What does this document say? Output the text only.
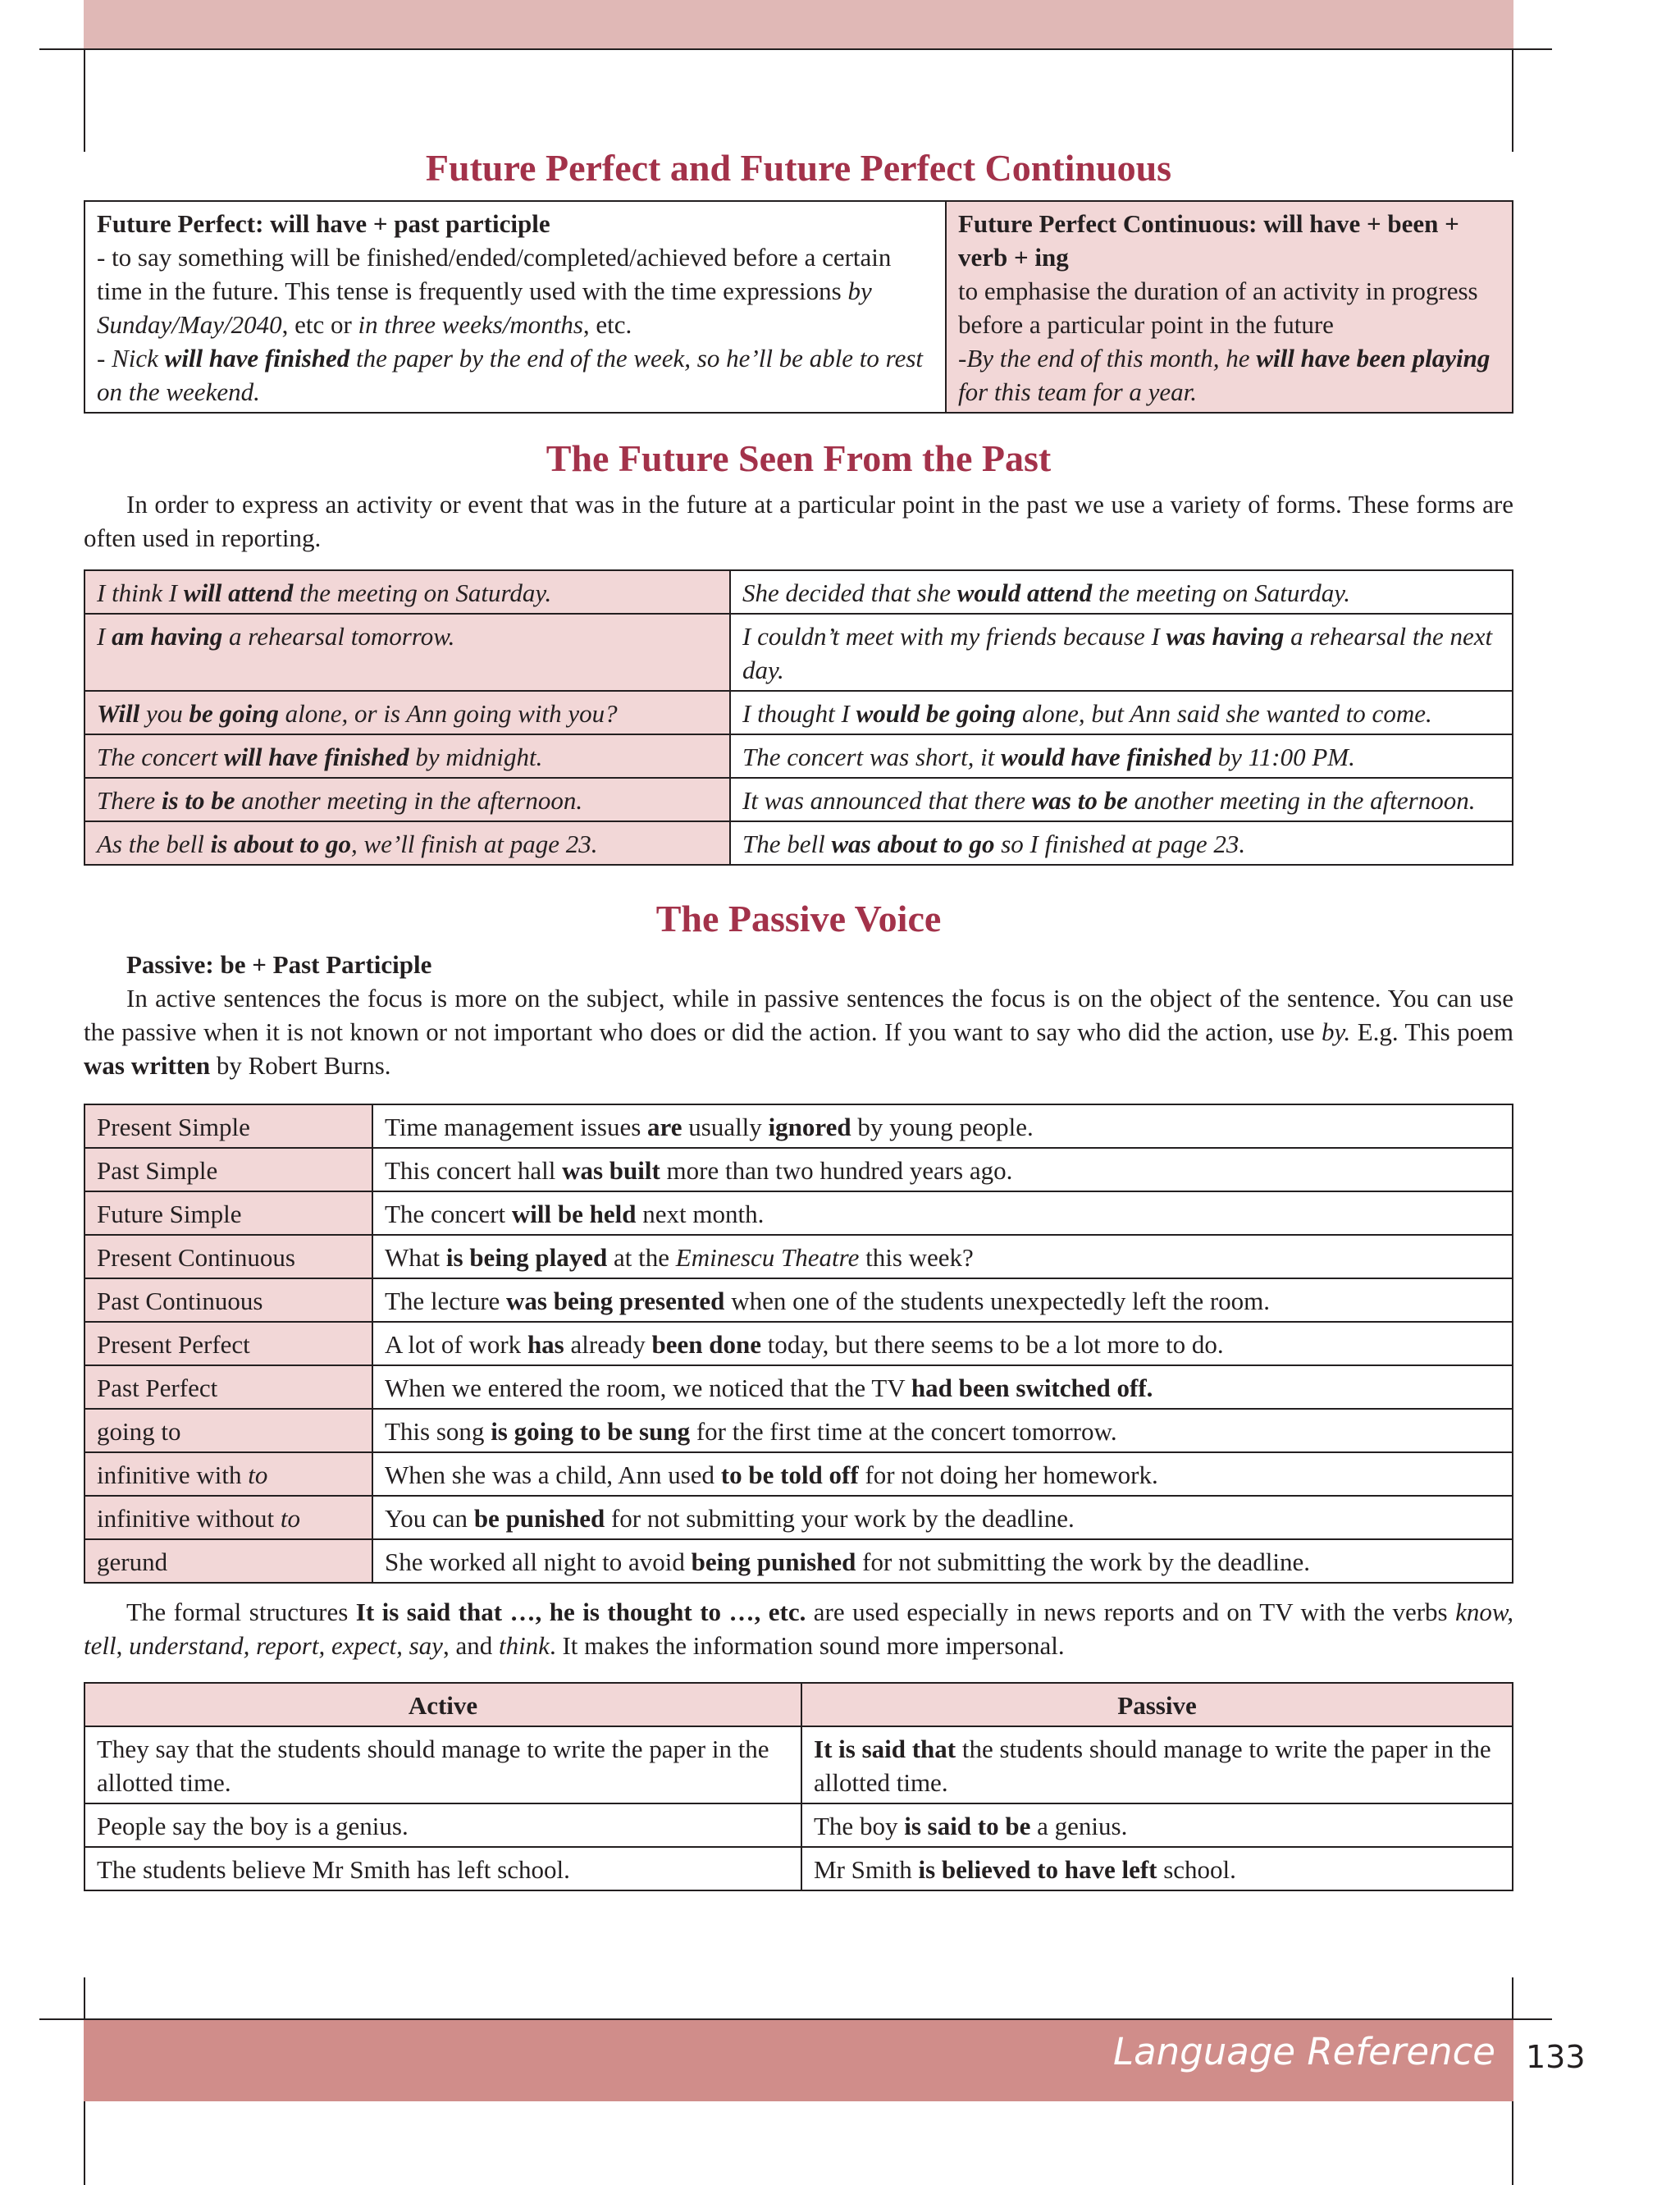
Future Perfect and Future Perfect Continuous
Future Perfect: will have + past participle
- to say something will be finished/ended/completed/achieved before a certain time in the future. This tense is frequently used with the time expressions by Sunday/May/2040, etc or in three weeks/months, etc.
- Nick will have finished the paper by the end of the week, so he’ll be able to rest on the weekend.	Future Perfect Continuous: will have + been + verb + ing
to emphasise the duration of an activity in progress before a particular point in the future
-By the end of this month, he will have been playing for this team for a year.
The Future Seen From the Past

In order to express an activity or event that was in the future at a particular point in the past we use a variety of forms. These forms are often used in reporting.

I think I will attend the meeting on Saturday.	She decided that she would attend the meeting on Saturday.
I am having a rehearsal tomorrow.	I couldn’t meet with my friends because I was having a rehearsal the next day.
Will you be going alone, or is Ann going with you?	I thought I would be going alone, but Ann said she wanted to come.
The concert will have finished by midnight.	The concert was short, it would have finished by 11:00 PM.
There is to be another meeting in the afternoon.	It was announced that there was to be another meeting in the afternoon.
As the bell is about to go, we’ll finish at page 23.	The bell was about to go so I finished at page 23.
The Passive Voice

Passive: be + Past Participle

In active sentences the focus is more on the subject, while in passive sentences the focus is on the object of the sentence. You can use the passive when it is not known or not important who does or did the action. If you want to say who did the action, use by. E.g. This poem was written by Robert Burns.

Present Simple	Time management issues are usually ignored by young people.
Past Simple	This concert hall was built more than two hundred years ago.
Future Simple	The concert will be held next month.
Present Continuous	What is being played at the Eminescu Theatre this week?
Past Continuous	The lecture was being presented when one of the students unexpectedly left the room.
Present Perfect	A lot of work has already been done today, but there seems to be a lot more to do.
Past Perfect	When we entered the room, we noticed that the TV had been switched off.
going to	This song is going to be sung for the first time at the concert tomorrow.
infinitive with to	When she was a child, Ann used to be told off for not doing her homework.
infinitive without to	You can be punished for not submitting your work by the deadline.
gerund	She worked all night to avoid being punished for not submitting the work by the deadline.

The formal structures It is said that …, he is thought to …, etc. are used especially in news reports and on TV with the verbs know, tell, understand, report, expect, say, and think. It makes the information sound more impersonal.

Active	Passive
They say that the students should manage to write the paper in the allotted time.	It is said that the students should manage to write the paper in the allotted time.
People say the boy is a genius.	The boy is said to be a genius.
The students believe Mr Smith has left school.	Mr Smith is believed to have left school.
Language Reference 133
